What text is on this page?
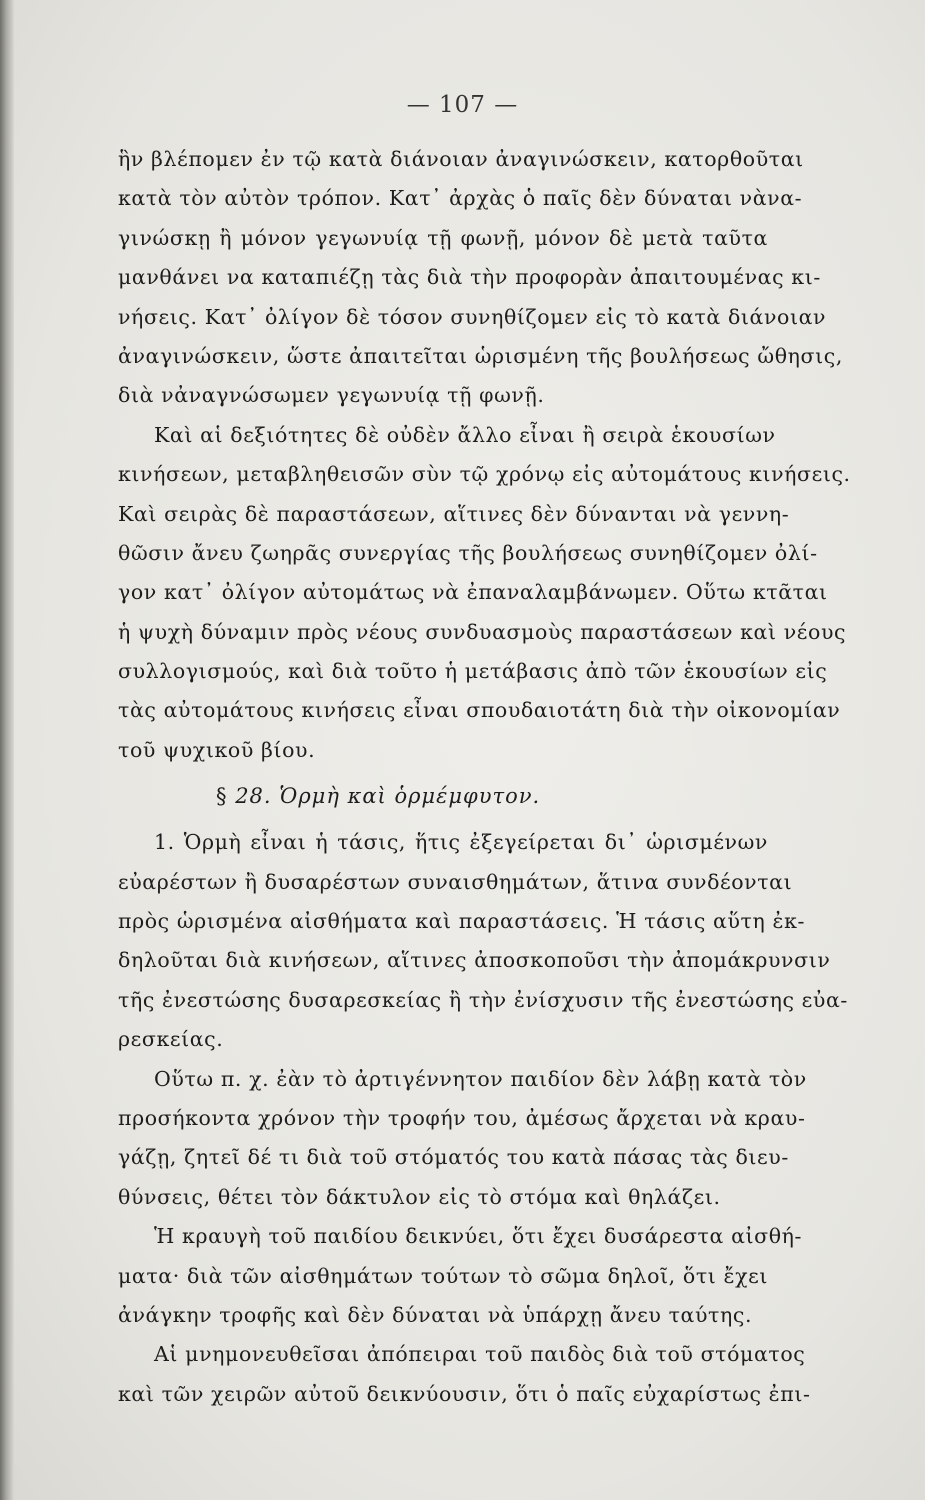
— 107 —
ἣν βλέπομεν ἐν τῷ κατὰ διάνοιαν ἀναγινώσκειν, κατορθοῦται
κατὰ τὸν αὐτὸν τρόπον. Κατ᾿ ἀρχὰς ὁ παῖς δὲν δύναται νὰνα-
γινώσκῃ ἢ μόνον γεγωνυίᾳ τῇ φωνῇ, μόνον δὲ μετὰ ταῦτα
μανθάνει να καταπιέζῃ τὰς διὰ τὴν προφορὰν ἀπαιτουμένας κι-
νήσεις. Κατ᾿ ὀλίγον δὲ τόσον συνηθίζομεν εἰς τὸ κατὰ διάνοιαν
ἀναγινώσκειν, ὥστε ἀπαιτεῖται ὡρισμένη τῆς βουλήσεως ὤθησις,
διὰ νἀναγνώσωμεν γεγωνυίᾳ τῇ φωνῇ.
Καὶ αἱ δεξιότητες δὲ οὐδὲν ἄλλο εἶναι ἢ σειρὰ ἑκουσίων
κινήσεων, μεταβληθεισῶν σὺν τῷ χρόνῳ εἰς αὐτομάτους κινήσεις.
Καὶ σειρὰς δὲ παραστάσεων, αἵτινες δὲν δύνανται νὰ γεννη-
θῶσιν ἄνευ ζωηρᾶς συνεργίας τῆς βουλήσεως συνηθίζομεν ὀλί-
γον κατ᾿ ὀλίγον αὐτομάτως νὰ ἐπαναλαμβάνωμεν. Οὕτω κτᾶται
ἡ ψυχὴ δύναμιν πρὸς νέους συνδυασμοὺς παραστάσεων καὶ νέους
συλλογισμούς, καὶ διὰ τοῦτο ἡ μετάβασις ἀπὸ τῶν ἑκουσίων εἰς
τὰς αὐτομάτους κινήσεις εἶναι σπουδαιοτάτη διὰ τὴν οἰκονομίαν
τοῦ ψυχικοῦ βίου.
§ 28. Ὁρμὴ καὶ ὁρμέμφυτον.
1. Ὁρμὴ εἶναι ἡ τάσις, ἥτις ἐξεγείρεται δι᾿ ὡρισμένων
εὐαρέστων ἢ δυσαρέστων συναισθημάτων, ἅτινα συνδέονται
πρὸς ὡρισμένα αἰσθήματα καὶ παραστάσεις. Ἡ τάσις αὕτη ἐκ-
δηλοῦται διὰ κινήσεων, αἵτινες ἀποσκοποῦσι τὴν ἀπομάκρυνσιν
τῆς ἐνεστώσης δυσαρεσκείας ἢ τὴν ἐνίσχυσιν τῆς ἐνεστώσης εὐα-
ρεσκείας.
Οὕτω π. χ. ἐὰν τὸ ἀρτιγέννητον παιδίον δὲν λάβῃ κατὰ τὸν
προσήκοντα χρόνον τὴν τροφήν του, ἀμέσως ἄρχεται νὰ κραυ-
γάζῃ, ζητεῖ δέ τι διὰ τοῦ στόματός του κατὰ πάσας τὰς διευ-
θύνσεις, θέτει τὸν δάκτυλον εἰς τὸ στόμα καὶ θηλάζει.
Ἡ κραυγὴ τοῦ παιδίου δεικνύει, ὅτι ἔχει δυσάρεστα αἰσθή-
ματα· διὰ τῶν αἰσθημάτων τούτων τὸ σῶμα δηλοῖ, ὅτι ἔχει
ἀνάγκην τροφῆς καὶ δὲν δύναται νὰ ὑπάρχῃ ἄνευ ταύτης.
Αἱ μνημονευθεῖσαι ἀπόπειραι τοῦ παιδὸς διὰ τοῦ στόματος
καὶ τῶν χειρῶν αὐτοῦ δεικνύουσιν, ὅτι ὁ παῖς εὐχαρίστως ἐπι-
